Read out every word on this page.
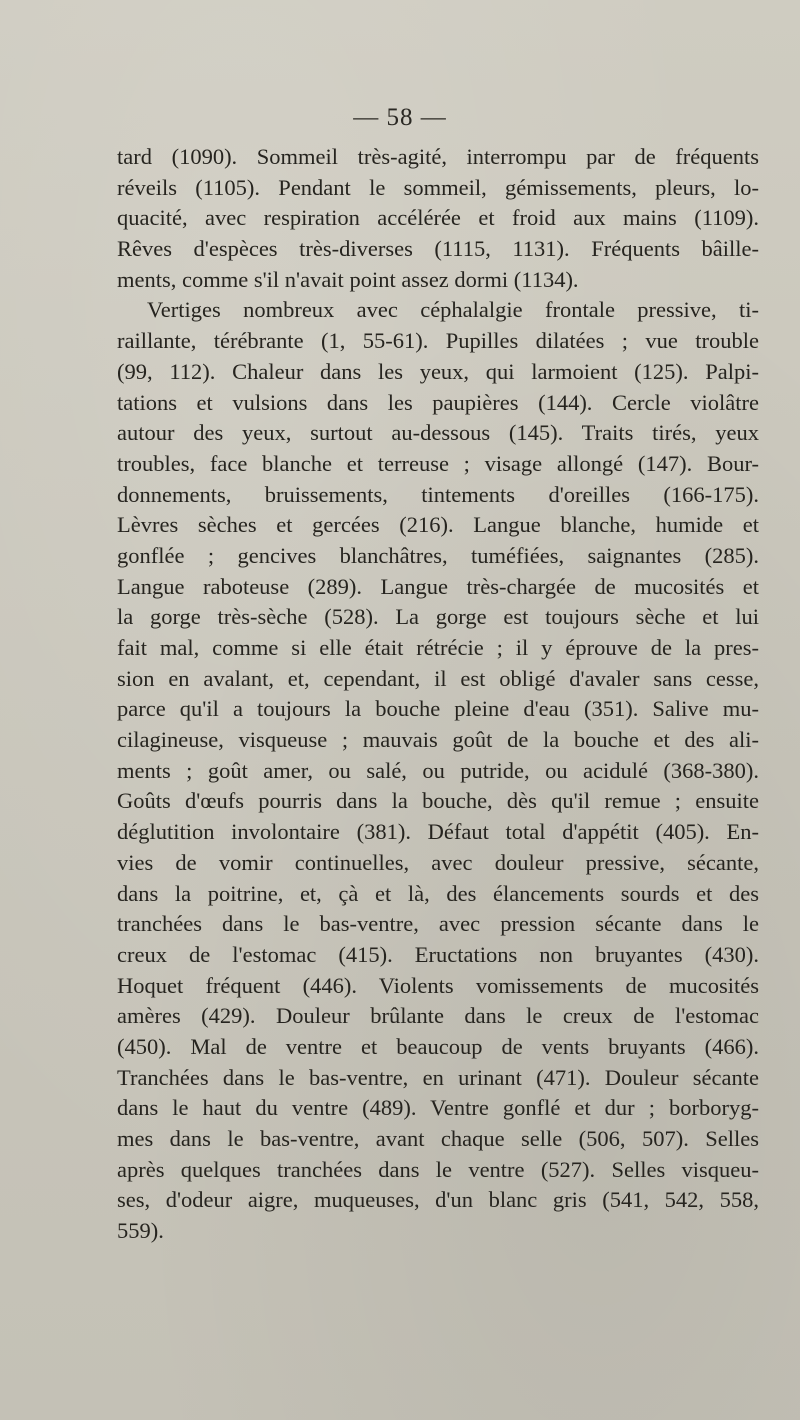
— 58 —
tard (1090). Sommeil très-agité, interrompu par de fréquents
réveils (1105). Pendant le sommeil, gémissements, pleurs, lo-
quacité, avec respiration accélérée et froid aux mains (1109).
Rêves d'espèces très-diverses (1115, 1131). Fréquents bâille-
ments, comme s'il n'avait point assez dormi (1134).
Vertiges nombreux avec céphalalgie frontale pressive, ti-
raillante, térébrante (1, 55-61). Pupilles dilatées ; vue trouble
(99, 112). Chaleur dans les yeux, qui larmoient (125). Palpi-
tations et vulsions dans les paupières (144). Cercle violâtre
autour des yeux, surtout au-dessous (145). Traits tirés, yeux
troubles, face blanche et terreuse ; visage allongé (147). Bour-
donnements, bruissements, tintements d'oreilles (166-175).
Lèvres sèches et gercées (216). Langue blanche, humide et
gonflée ; gencives blanchâtres, tuméfiées, saignantes (285).
Langue raboteuse (289). Langue très-chargée de mucosités et
la gorge très-sèche (528). La gorge est toujours sèche et lui
fait mal, comme si elle était rétrécie ; il y éprouve de la pres-
sion en avalant, et, cependant, il est obligé d'avaler sans cesse,
parce qu'il a toujours la bouche pleine d'eau (351). Salive mu-
cilagineuse, visqueuse ; mauvais goût de la bouche et des ali-
ments ; goût amer, ou salé, ou putride, ou acidulé (368-380).
Goûts d'œufs pourris dans la bouche, dès qu'il remue ; ensuite
déglutition involontaire (381). Défaut total d'appétit (405). En-
vies de vomir continuelles, avec douleur pressive, sécante,
dans la poitrine, et, çà et là, des élancements sourds et des
tranchées dans le bas-ventre, avec pression sécante dans le
creux de l'estomac (415). Eructations non bruyantes (430).
Hoquet fréquent (446). Violents vomissements de mucosités
amères (429). Douleur brûlante dans le creux de l'estomac
(450). Mal de ventre et beaucoup de vents bruyants (466).
Tranchées dans le bas-ventre, en urinant (471). Douleur sécante
dans le haut du ventre (489). Ventre gonflé et dur ; borboryg-
mes dans le bas-ventre, avant chaque selle (506, 507). Selles
après quelques tranchées dans le ventre (527). Selles visqueu-
ses, d'odeur aigre, muqueuses, d'un blanc gris (541, 542, 558,
559).
